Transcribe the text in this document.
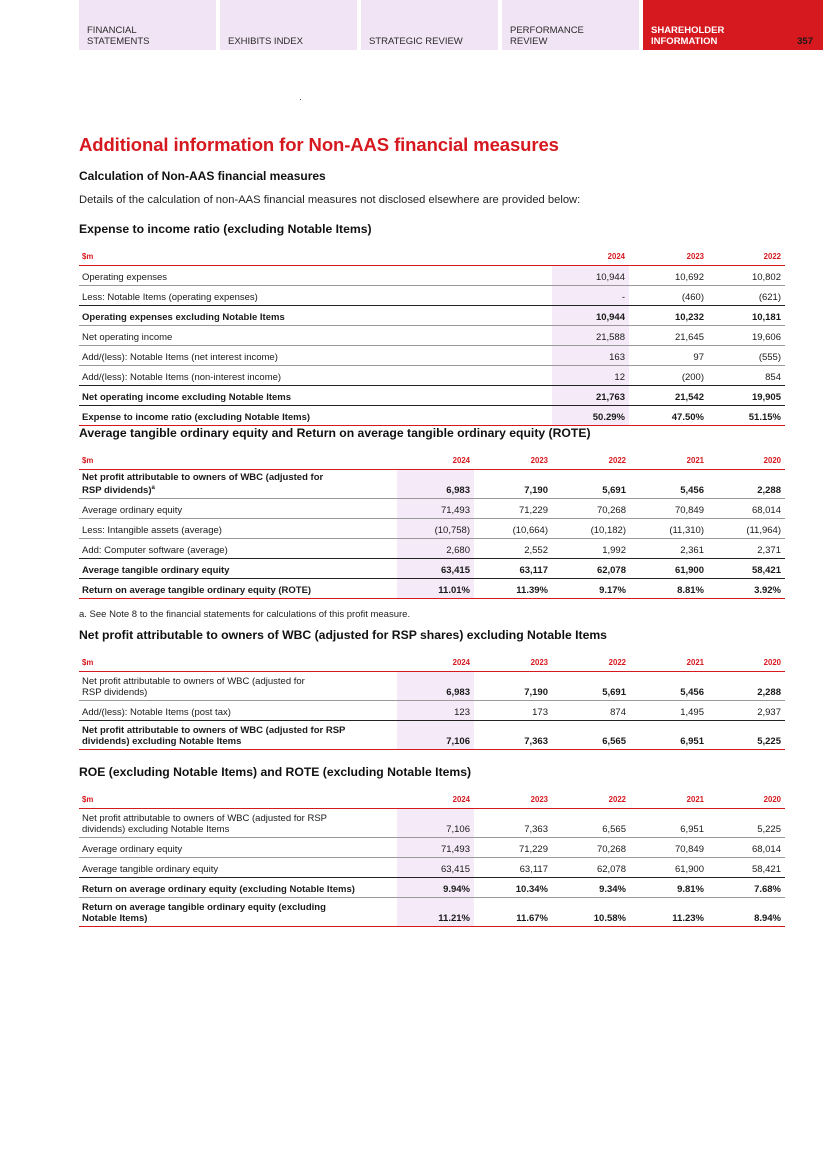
FINANCIAL
STATEMENTS	EXHIBITS INDEX	STRATEGIC REVIEW
PERFORMANCE
REVIEW
SHAREHOLDER
INFORMATION	357
Additional information for Non-AAS financial measures
Calculation of Non-AAS financial measures

Details of the calculation of non-AAS financial measures not disclosed elsewhere are provided below:

Expense to income ratio (excluding Notable Items)
$m	2024	2023	2022
Operating expenses	10,944	10,692	10,802
Less: Notable Items (operating expenses)	-	(460)	(621)
Operating expenses excluding Notable Items	10,944	10,232	10,181
Net operating income	21,588	21,645	19,606
Add/(less): Notable Items (net interest income)	163	97	(555)
Add/(less): Notable Items (non-interest income)	12	(200)	854
Net operating income excluding Notable Items	21,763	21,542	19,905
Expense to income ratio (excluding Notable Items)	50.29%	47.50%	51.15%
Average tangible ordinary equity and Return on average tangible ordinary equity (ROTE)
$m	2024	2023	2022	2021	2020

Net profit attributable to owners of WBC (adjusted for
RSP dividends)$^a$	6,983	7,190	5,691	5,456	2,288
Average ordinary equity	71,493	71,229	70,268	70,849	68,014
Less: Intangible assets (average)	(10,758)	(10,664)	(10,182)	(11,310)	(11,964)
Add: Computer software (average)	2,680	2,552	1,992	2,361	2,371
Average tangible ordinary equity	63,415	63,117	62,078	61,900	58,421
Return on average tangible ordinary equity (ROTE)	11.01%	11.39%	9.17%	8.81%	3.92%

a. See Note 8 to the financial statements for calculations of this profit measure.

Net profit attributable to owners of WBC (adjusted for RSP shares) excluding Notable Items
$m	2024	2023	2022	2021	2020

Net profit attributable to owners of WBC (adjusted for
RSP dividends)	6,983	7,190	5,691	5,456	2,288
Add/(less): Notable Items (post tax)	123	173	874	1,495	2,937

Net profit attributable to owners of WBC (adjusted for RSP
dividends) excluding Notable Items	7,106	7,363	6,565	6,951	5,225
ROE (excluding Notable Items) and ROTE (excluding Notable Items)
$m	2024	2023	2022	2021	2020

Net profit attributable to owners of WBC (adjusted for RSP
dividends) excluding Notable Items	7,106	7,363	6,565	6,951	5,225
Average ordinary equity	71,493	71,229	70,268	70,849	68,014
Average tangible ordinary equity	63,415	63,117	62,078	61,900	58,421
Return on average ordinary equity (excluding Notable Items)	9.94%	10.34%	9.34%	9.81%	7.68%

Return on average tangible ordinary equity (excluding
Notable Items)	11.21%	11.67%	10.58%	11.23%	8.94%
